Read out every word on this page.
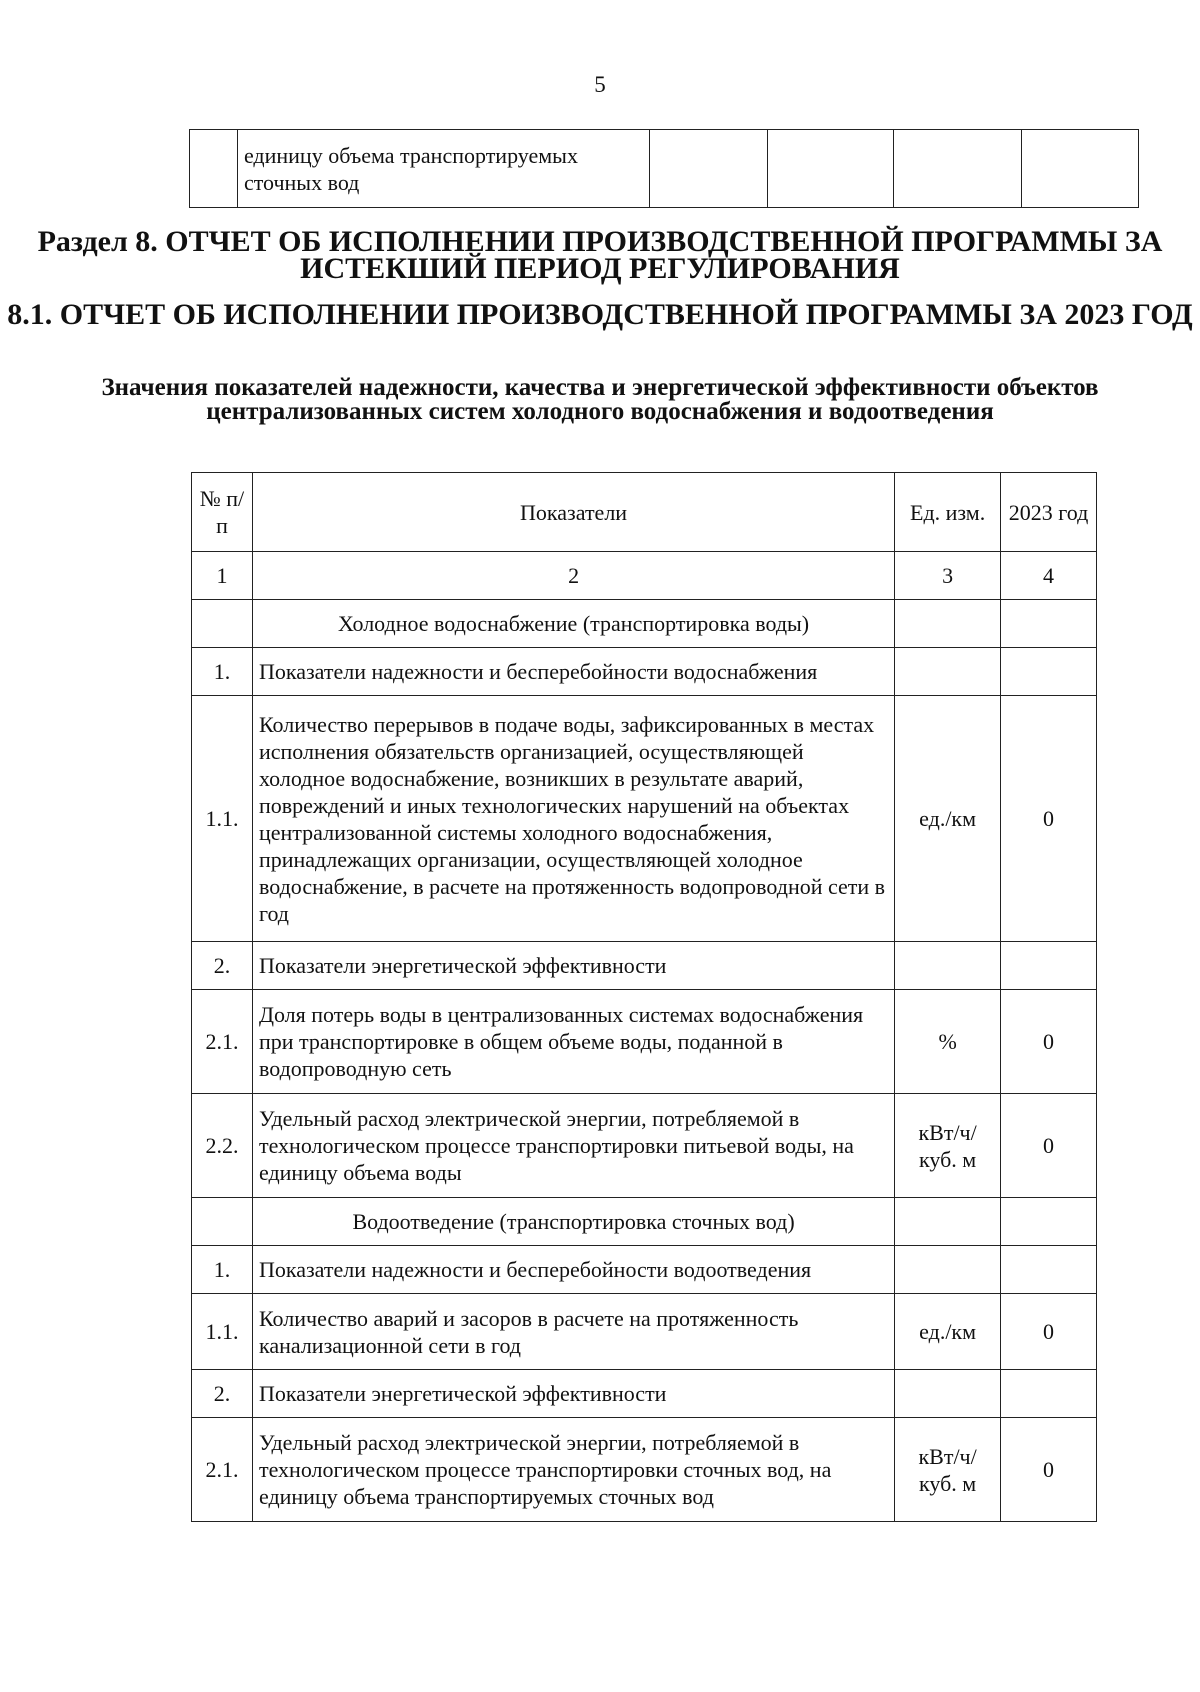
5
	единицу объема транспортируемых сточных вод				
Раздел 8. ОТЧЕТ ОБ ИСПОЛНЕНИИ ПРОИЗВОДСТВЕННОЙ ПРОГРАММЫ ЗА ИСТЕКШИЙ ПЕРИОД РЕГУЛИРОВАНИЯ
8.1. ОТЧЕТ ОБ ИСПОЛНЕНИИ ПРОИЗВОДСТВЕННОЙ ПРОГРАММЫ ЗА 2023 ГОД
Значения показателей надежности, качества и энергетической эффективности объектов централизованных систем холодного водоснабжения и водоотведения
№ п/п	Показатели	Ед. изм.	2023 год
1	2	3	4
	Холодное водоснабжение (транспортировка воды)		
1.	Показатели надежности и бесперебойности водоснабжения		
1.1.	Количество перерывов в подаче воды, зафиксированных в местах исполнения обязательств организацией, осуществляющей холодное водоснабжение, возникших в результате аварий, повреждений и иных технологических нарушений на объектах централизованной системы холодного водоснабжения, принадлежащих организации, осуществляющей холодное водоснабжение, в расчете на протяженность водопроводной сети в год	ед./км	0
2.	Показатели энергетической эффективности		
2.1.	Доля потерь воды в централизованных системах водоснабжения при транспортировке в общем объеме воды, поданной в водопроводную сеть	%	0
2.2.	Удельный расход электрической энергии, потребляемой в технологическом процессе транспортировки питьевой воды, на единицу объема воды	кВт/ч/куб. м	0
	Водоотведение (транспортировка сточных вод)		
1.	Показатели надежности и бесперебойности водоотведения		
1.1.	Количество аварий и засоров в расчете на протяженность канализационной сети в год	ед./км	0
2.	Показатели энергетической эффективности		
2.1.	Удельный расход электрической энергии, потребляемой в технологическом процессе транспортировки сточных вод, на единицу объема транспортируемых сточных вод	кВт/ч/куб. м	0
